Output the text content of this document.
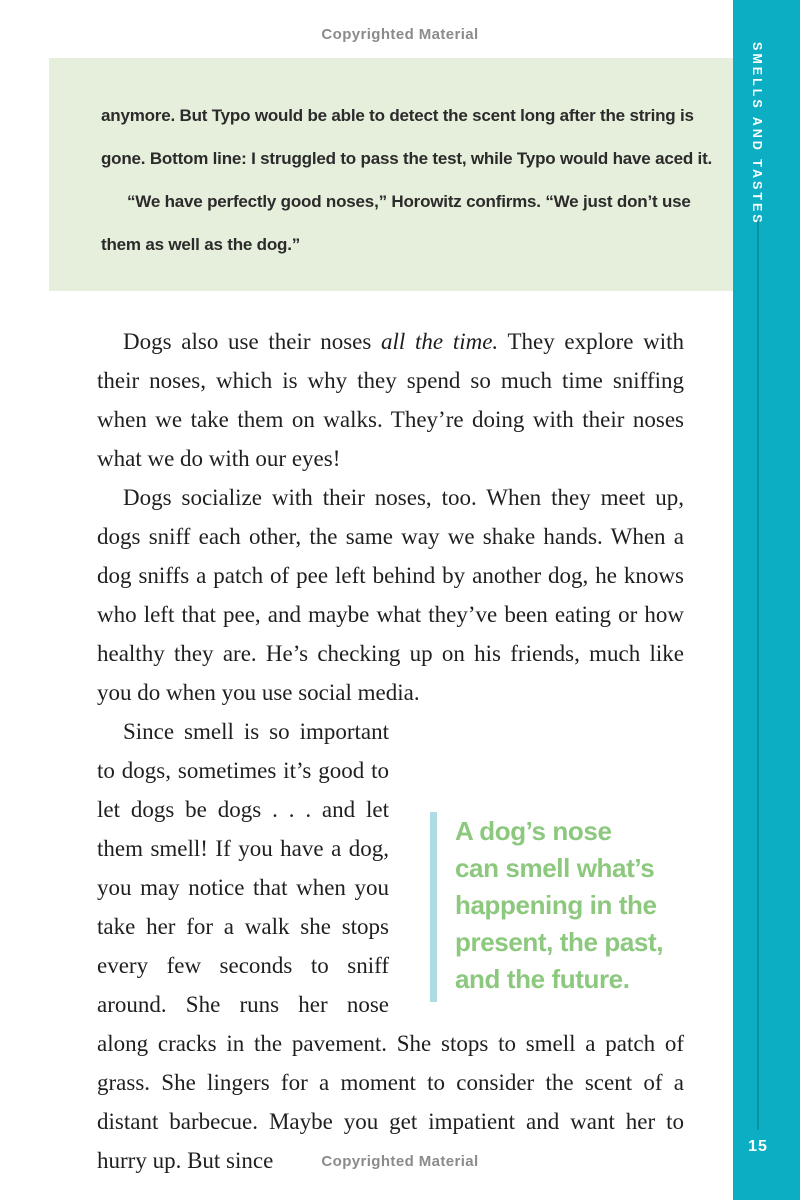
Copyrighted Material
anymore. But Typo would be able to detect the scent long after the string is
gone. Bottom line: I struggled to pass the test, while Typo would have aced it.
“We have perfectly good noses,” Horowitz confirms. “We just don’t use
them as well as the dog.”

Dogs also use their noses all the time. They explore with their noses, which is why they spend so much time sniffing when we take them on walks. They’re doing with their noses what we do with our eyes!

Dogs socialize with their noses, too. When they meet up, dogs sniff each other, the same way we shake hands. When a dog sniffs a patch of pee left behind by another dog, he knows who left that pee, and maybe what they’ve been eating or how healthy they are. He’s checking up on his friends, much like you do when you use social media.

A dog’s nose
can smell what’s
happening in the
present, the past,
and the future.
Since smell is so important to dogs, sometimes it’s good to let dogs be dogs . . . and let them smell! If you have a dog, you may notice that when you take her for a walk she stops every few seconds to sniff around. She runs her nose along cracks in the pavement. She stops to smell a patch of grass. She lingers for a moment to consider the scent of a distant barbecue. Maybe you get impatient and want her to hurry up. But since	Copyrighted Material
SMELLS AND TASTES
15
